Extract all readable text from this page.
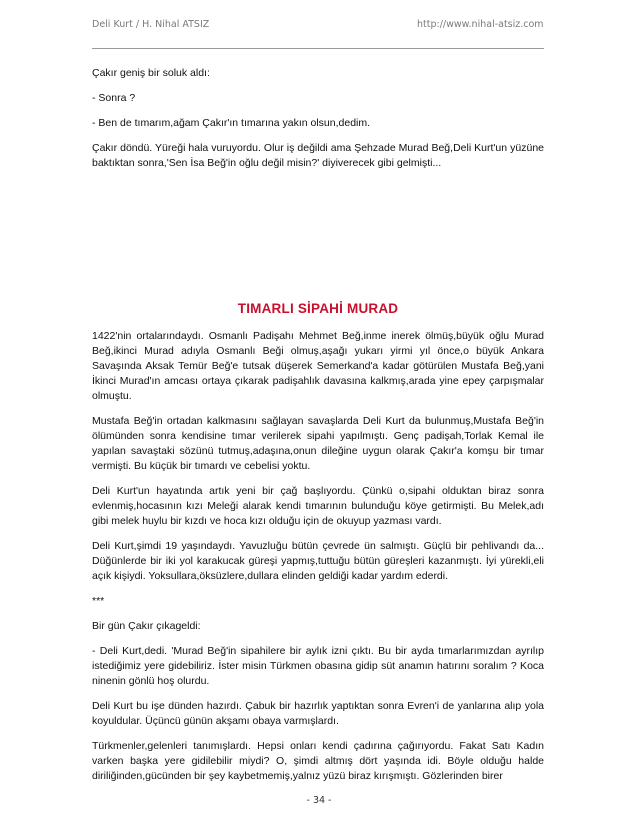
Deli Kurt / H. Nihal ATSIZ	http://www.nihal-atsiz.com

Çakır geniş bir soluk aldı:

- Sonra ?

- Ben de tımarım,ağam Çakır'ın tımarına yakın olsun,dedim.

Çakır döndü. Yüreği hala vuruyordu. Olur iş değildi ama Şehzade Murad Beğ,Deli Kurt'un yüzüne baktıktan sonra,'Sen İsa Beğ'in oğlu değil misin?' diyiverecek gibi gelmişti...

TIMARLI SİPAHİ MURAD

1422'nin ortalarındaydı. Osmanlı Padişahı Mehmet Beğ,inme inerek ölmüş,büyük oğlu Murad Beğ,ikinci Murad adıyla Osmanlı Beği olmuş,aşağı yukarı yirmi yıl önce,o büyük Ankara Savaşında Aksak Temür Beğ'e tutsak düşerek Semerkand'a kadar götürülen Mustafa Beğ,yani İkinci Murad'ın amcası ortaya çıkarak padişahlık davasına kalkmış,arada yine epey çarpışmalar olmuştu.

Mustafa Beğ'in ortadan kalkmasını sağlayan savaşlarda Deli Kurt da bulunmuş,Mustafa Beğ'in ölümünden sonra kendisine tımar verilerek sipahi yapılmıştı. Genç padişah,Torlak Kemal ile yapılan savaştaki sözünü tutmuş,adaşına,onun dileğine uygun olarak Çakır'a komşu bir tımar vermişti. Bu küçük bir tımardı ve cebelisi yoktu.

Deli Kurt'un hayatında artık yeni bir çağ başlıyordu. Çünkü o,sipahi olduktan biraz sonra evlenmiş,hocasının kızı Meleği alarak kendi tımarının bulunduğu köye getirmişti. Bu Melek,adı gibi melek huylu bir kızdı ve hoca kızı olduğu için de okuyup yazması vardı.

Deli Kurt,şimdi 19 yaşındaydı. Yavuzluğu bütün çevrede ün salmıştı. Güçlü bir pehlivandı da... Düğünlerde bir iki yol karakucak güreşi yapmış,tuttuğu bütün güreşleri kazanmıştı. İyi yürekli,eli açık kişiydi. Yoksullara,öksüzlere,dullara elinden geldiği kadar yardım ederdi.

***

Bir gün Çakır çıkageldi:

- Deli Kurt,dedi. 'Murad Beğ'in sipahilere bir aylık izni çıktı. Bu bir ayda tımarlarımızdan ayrılıp istediğimiz yere gidebiliriz. İster misin Türkmen obasına gidip süt anamın hatırını soralım ? Koca ninenin gönlü hoş olurdu.

Deli Kurt bu işe dünden hazırdı. Çabuk bir hazırlık yaptıktan sonra Evren'i de yanlarına alıp yola koyuldular. Üçüncü günün akşamı obaya varmışlardı.

Türkmenler,gelenleri tanımışlardı. Hepsi onları kendi çadırına çağırıyordu. Fakat Satı Kadın varken başka yere gidilebilir miydi? O, şimdi altmış dört yaşında idi. Böyle olduğu halde diriliğinden,gücünden bir şey kaybetmemiş,yalnız yüzü biraz kırışmıştı. Gözlerinden birer

- 34 -
